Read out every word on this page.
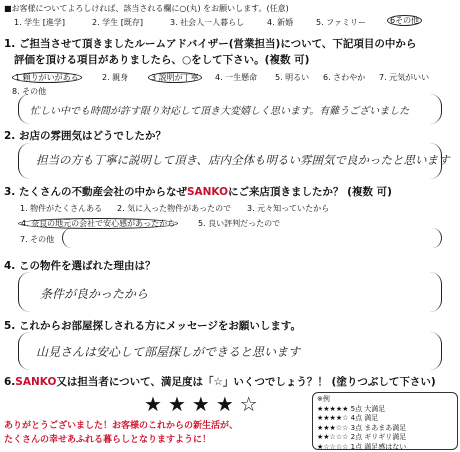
■お客様についてよろしければ、該当される欄に○(丸) をお願いします。(任意)
1. 学生 [進学]	2. 学生 [既存]	3. 社会人一人暮らし	4. 新婚	5. ファミリー	6その他
1. ご担当させて頂きましたルームアドバイザー(営業担当)について、下記項目の中から
評価を頂ける項目がありましたら、○をして下さい。(複数 可)
1 頼りがいがある	2. 親身	3 説明が丁寧	4. 一生懸命 5. 明るい 6. さわやか 7. 元気がいい
8. その他
忙しい中でも時間が許す限り対応して頂き大変嬉しく思います。有難うございました
2. お店の雰囲気はどうでしたか？
担当の方も丁寧に説明して頂き、店内全体も明るい雰囲気で良かったと思います
3. たくさんの不動産会社の中からなぜSANKOにご来店頂きましたか？ (複数 可)
1. 物件がたくさんある 2. 気に入った物件があったので 3. 元々知っていたから
4. 奈良の地元の会社で安心感があったから	5. 良い評判だったので
7. その他
4. この物件を選ばれた理由は？
条件が良かったから
5. これからお部屋探しされる方にメッセージをお願いします。
山見さんは安心して部屋探しができると思います
6.SANKO又は担当者について、満足度は「☆」いくつでしょう？！ (塗りつぶして下さい)
★ ★ ★ ★ ☆	※例
★★★★★ 5点 大満足
★★★★☆ 4点 満足
★★★☆☆ 3点 まあまあ満足
★★☆☆☆ 2点 ギリギリ満足
★☆☆☆☆ 1点 満足感はない
ありがとうございました！お客様のこれからの新生活が、
たくさんの幸せあふれる暮らしとなりますように！
